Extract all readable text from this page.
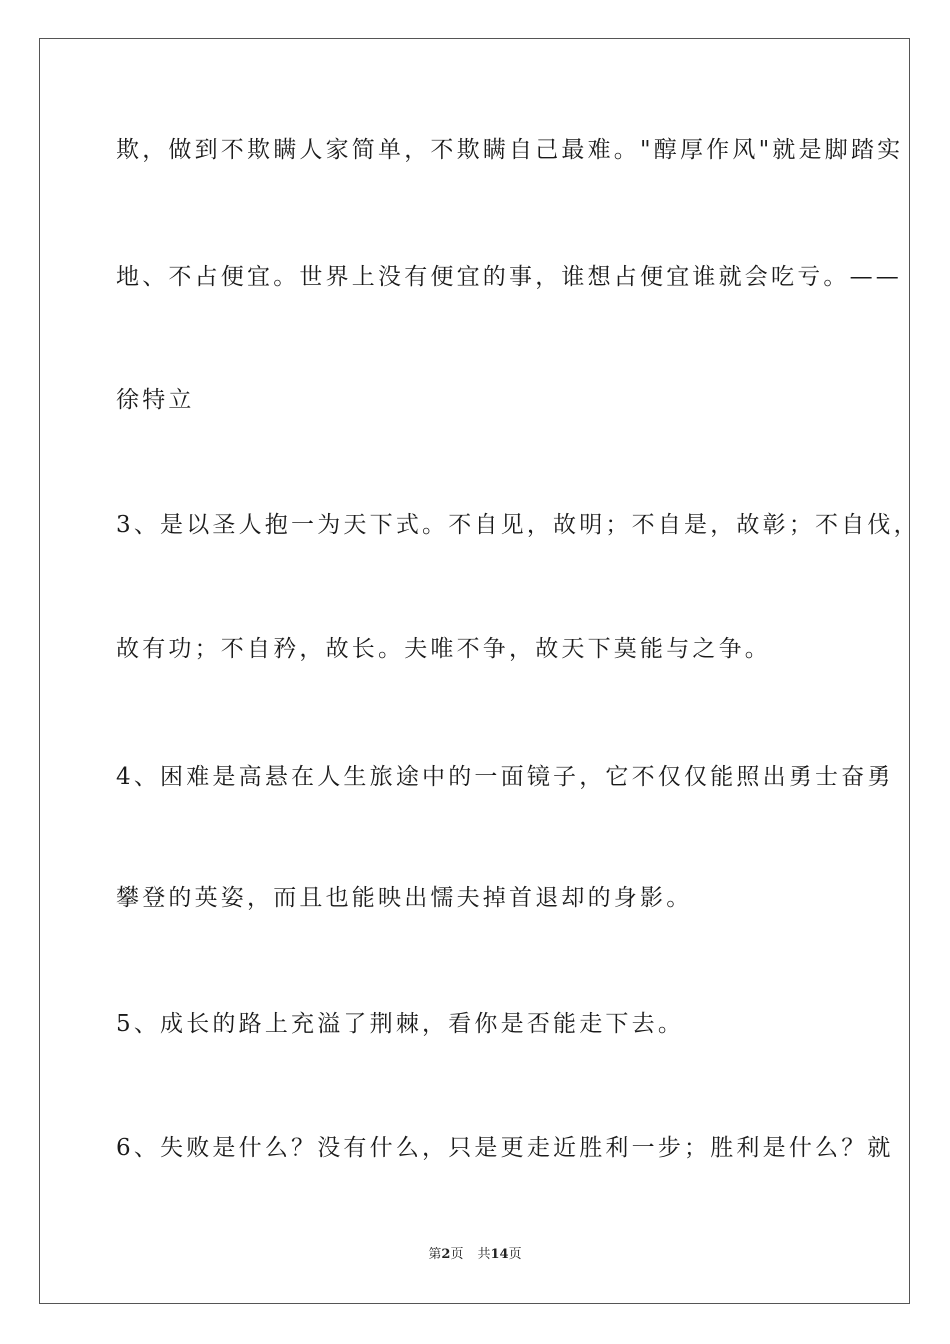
欺，做到不欺瞒人家简单，不欺瞒自己最难。"醇厚作风"就是脚踏实
地、不占便宜。世界上没有便宜的事，谁想占便宜谁就会吃亏。——
徐特立
3、是以圣人抱一为天下式。不自见，故明；不自是，故彰；不自伐，
故有功；不自矜，故长。夫唯不争，故天下莫能与之争。
4、困难是高悬在人生旅途中的一面镜子，它不仅仅能照出勇士奋勇
攀登的英姿，而且也能映出懦夫掉首退却的身影。
5、成长的路上充溢了荆棘，看你是否能走下去。
6、失败是什么？没有什么，只是更走近胜利一步；胜利是什么？就
第2页 共14页
